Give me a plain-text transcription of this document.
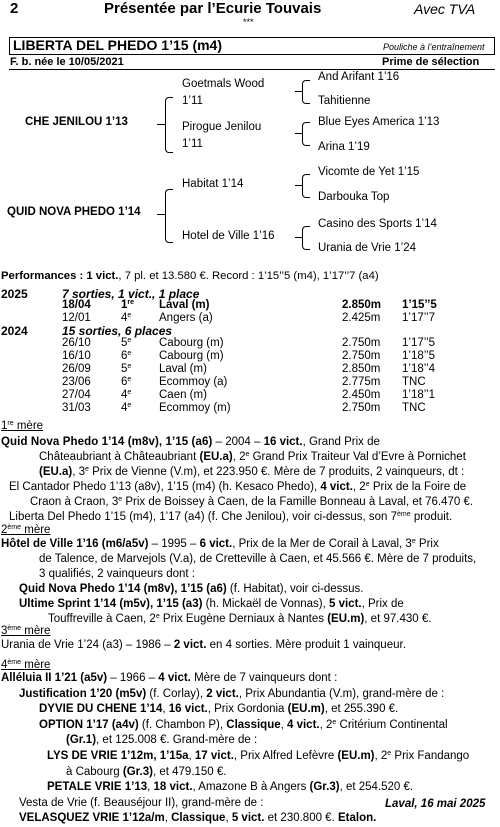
2	Présentée par l’Ecurie Touvais
***
Avec TVA
LIBERTA DEL PHEDO 1’15 (m4)	Pouliche à l’entraînement
F. b. née le 10/05/2021	Prime de sélection
CHE JENILOU 1’13
QUID NOVA PHEDO 1’14
Goetmals Wood 1’11
Pirogue Jenilou 1’11
Habitat 1’14
Hotel de Ville 1’16
And Arifant 1’16
Tahitienne
Blue Eyes America 1’13
Arina 1’19
Vicomte de Yet 1’15
Darbouka Top
Casino des Sports 1’14
Urania de Vrie 1’24
Performances : 1 vict., 7 pl. et 13.580 €. Record : 1’15’’5 (m4), 1’17’’7 (a4)
2025	7 sorties, 1 vict., 1 place
18/04	1re Laval (m)	2.850m 1’15’’5
12/01	4e Angers (a)	2.425m 1’17’’7
2024	15 sorties, 6 places
26/10	5e Cabourg (m)	2.750m 1’17’’5
16/10	6e Cabourg (m)	2.750m 1’18’’5
26/09	5e Laval (m)	2.850m 1’18’’4
23/06	6e Ecommoy (a)	2.775m TNC
27/04	4e Caen (m)	2.450m 1’18’’1
31/03	4e Ecommoy (m)	2.750m TNC
1re mère
Quid Nova Phedo 1’14 (m8v), 1’15 (a6) – 2004 – 16 vict., Grand Prix de
Châteaubriant à Châteaubriant (EU.a), 2e Grand Prix Traiteur Val d’Evre à Pornichet
(EU.a), 3e Prix de Vienne (V.m), et 223.950 €. Mère de 7 produits, 2 vainqueurs, dt :
El Cantador Phedo 1’13 (a8v), 1’15 (m4) (h. Kesaco Phedo), 4 vict., 2e Prix de la Foire de
Craon à Craon, 3e Prix de Boissey à Caen, de la Famille Bonneau à Laval, et 76.470 €.
Liberta Del Phedo 1’15 (m4), 1’17 (a4) (f. Che Jenilou), voir ci-dessus, son 7ème produit.
2ème mère
Hôtel de Ville 1’16 (m6/a5v) – 1995 – 6 vict., Prix de la Mer de Corail à Laval, 3e Prix
de Talence, de Marvejols (V.a), de Cretteville à Caen, et 45.566 €. Mère de 7 produits,
3 qualifiés, 2 vainqueurs dont :
Quid Nova Phedo 1’14 (m8v), 1’15 (a6) (f. Habitat), voir ci-dessus.
Ultime Sprint 1’14 (m5v), 1’15 (a3) (h. Mickaël de Vonnas), 5 vict., Prix de
Touffreville à Caen, 2e Prix Eugène Derniaux à Nantes (EU.m), et 97.430 €.
3ème mère
Urania de Vrie 1’24 (a3) – 1986 – 2 vict. en 4 sorties. Mère produit 1 vainqueur.
4ème mère
Alléluia II 1’21 (a5v) – 1966 – 4 vict. Mère de 7 vainqueurs dont :
Justification 1’20 (m5v) (f. Corlay), 2 vict., Prix Abundantia (V.m), grand-mère de :
DYVIE DU CHENE 1’14, 16 vict., Prix Gordonia (EU.m), et 255.390 €.
OPTION 1’17 (a4v) (f. Chambon P), Classique, 4 vict., 2e Critérium Continental
(Gr.1), et 125.008 €. Grand-mère de :
LYS DE VRIE 1’12m, 1’15a, 17 vict., Prix Alfred Lefèvre (EU.m), 2e Prix Fandango
à Cabourg (Gr.3), et 479.150 €.
PETALE VRIE 1’13, 18 vict., Amazone B à Angers (Gr.3), et 254.520 €.
Vesta de Vrie (f. Beauséjour II), grand-mère de :
VELASQUEZ VRIE 1’12a/m, Classique, 5 vict. et 230.800 €. Etalon.
Laval, 16 mai 2025
